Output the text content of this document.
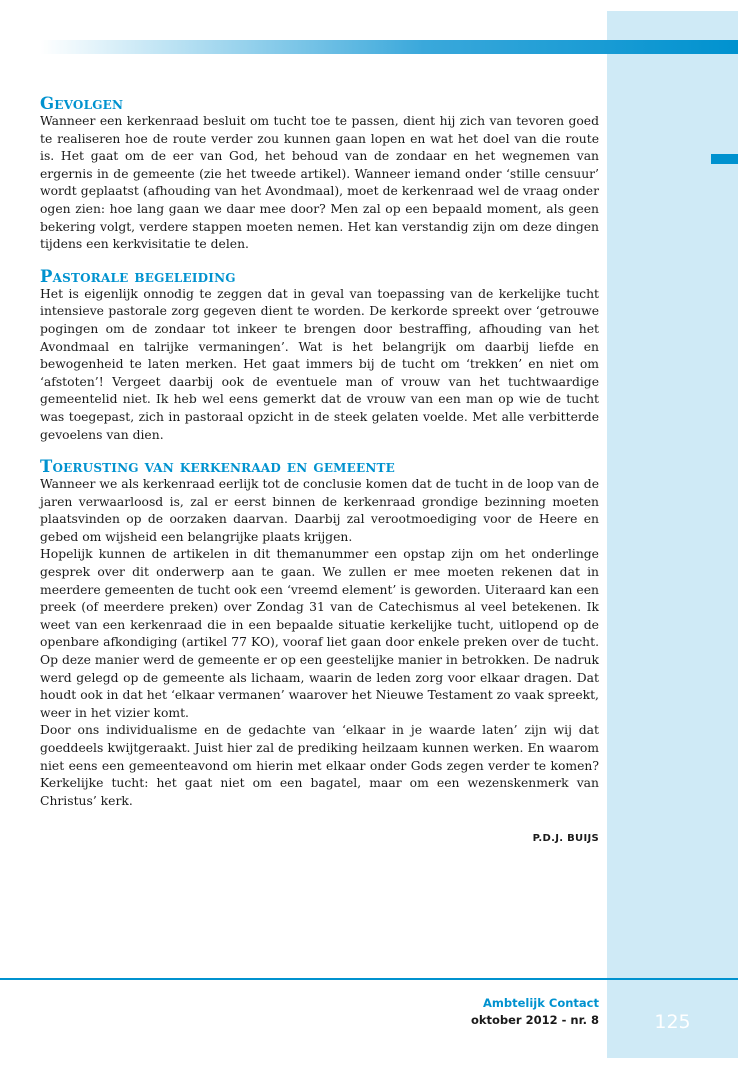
Gevolgen

Wanneer een kerkenraad besluit om tucht toe te passen, dient hij zich van tevoren goed te realiseren hoe de route verder zou kunnen gaan lopen en wat het doel van die route is. Het gaat om de eer van God, het behoud van de zondaar en het wegnemen van ergernis in de gemeente (zie het tweede artikel). Wanneer iemand onder ‘stille censuur’ wordt geplaatst (afhouding van het Avondmaal), moet de kerkenraad wel de vraag onder ogen zien: hoe lang gaan we daar mee door? Men zal op een bepaald moment, als geen bekering volgt, verdere stappen moeten nemen. Het kan verstandig zijn om deze dingen tijdens een kerkvisitatie te delen.

Pastorale begeleiding

Het is eigenlijk onnodig te zeggen dat in geval van toepassing van de kerkelijke tucht intensieve pastorale zorg gegeven dient te worden. De kerkorde spreekt over ‘getrouwe pogingen om de zondaar tot inkeer te brengen door bestraffing, afhouding van het Avondmaal en talrijke vermaningen’. Wat is het belangrijk om daarbij liefde en bewogenheid te laten merken. Het gaat immers bij de tucht om ‘trekken’ en niet om ‘afstoten’! Vergeet daarbij ook de eventuele man of vrouw van het tuchtwaardige gemeentelid niet. Ik heb wel eens gemerkt dat de vrouw van een man op wie de tucht was toegepast, zich in pastoraal opzicht in de steek gelaten voelde. Met alle verbitterde gevoelens van dien.

Toerusting van kerkenraad en gemeente

Wanneer we als kerkenraad eerlijk tot de conclusie komen dat de tucht in de loop van de jaren verwaarloosd is, zal er eerst binnen de kerkenraad grondige bezinning moeten plaatsvinden op de oorzaken daarvan. Daarbij zal verootmoediging voor de Heere en gebed om wijsheid een belangrijke plaats krijgen.

Hopelijk kunnen de artikelen in dit themanummer een opstap zijn om het onderlinge gesprek over dit onderwerp aan te gaan. We zullen er mee moeten rekenen dat in meerdere gemeenten de tucht ook een ‘vreemd element’ is geworden. Uiteraard kan een preek (of meerdere preken) over Zondag 31 van de Catechismus al veel betekenen. Ik weet van een kerkenraad die in een bepaalde situatie kerkelijke tucht, uitlopend op de openbare afkondiging (artikel 77 KO), vooraf liet gaan door enkele preken over de tucht. Op deze manier werd de gemeente er op een geestelijke manier in betrokken. De nadruk werd gelegd op de gemeente als lichaam, waarin de leden zorg voor elkaar dragen. Dat houdt ook in dat het ‘elkaar vermanen’ waarover het Nieuwe Testament zo vaak spreekt, weer in het vizier komt.

Door ons individualisme en de gedachte van ‘elkaar in je waarde laten’ zijn wij dat goeddeels kwijtgeraakt. Juist hier zal de prediking heilzaam kunnen werken. En waarom niet eens een gemeenteavond om hierin met elkaar onder Gods zegen verder te komen? Kerkelijke tucht: het gaat niet om een bagatel, maar om een wezenskenmerk van Christus’ kerk.

P.D.J. BUIJS
Ambtelijk Contact
oktober 2012 - nr. 8	125
